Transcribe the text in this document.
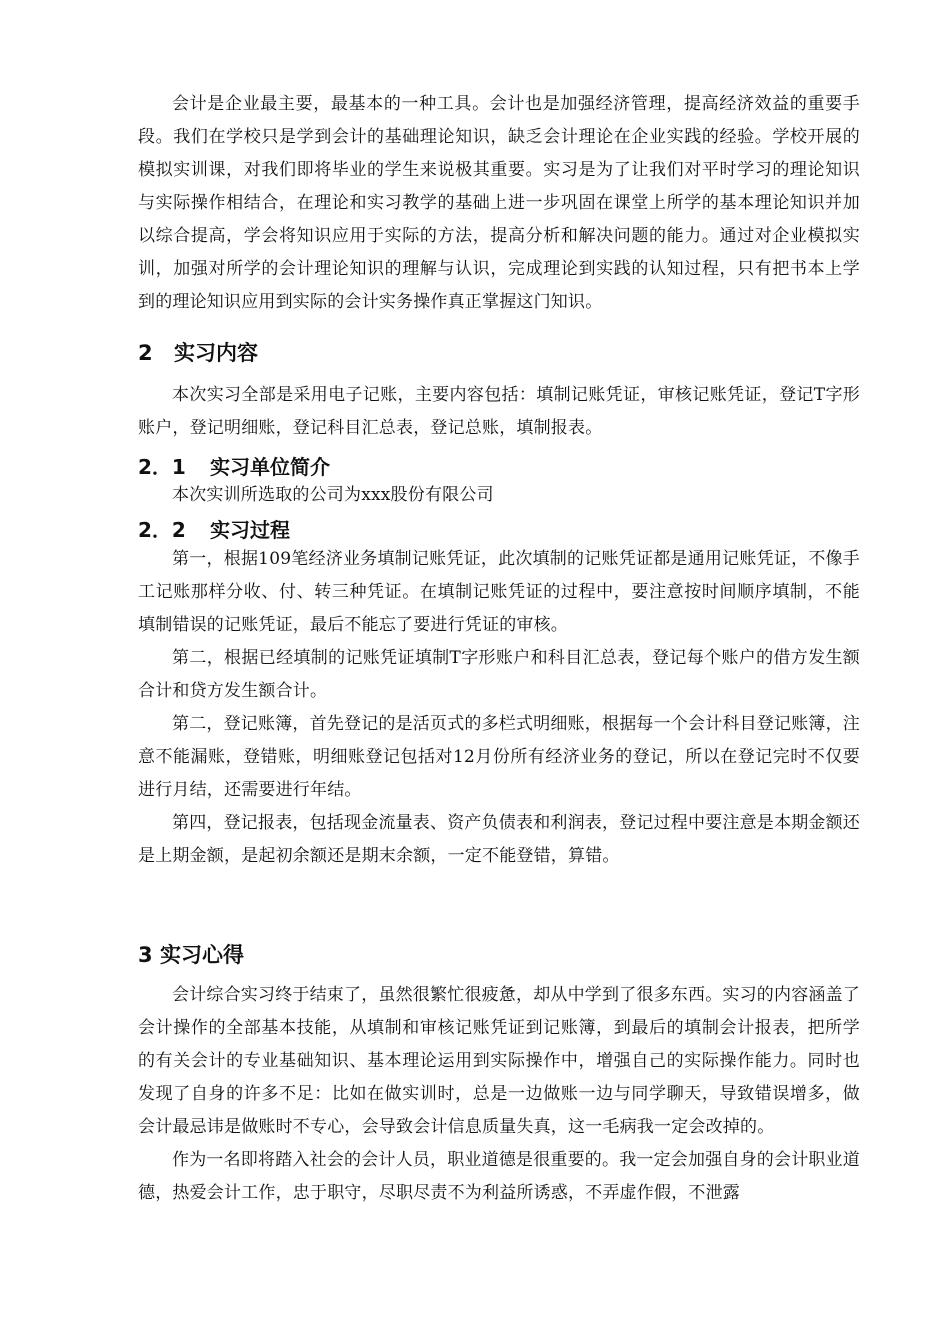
会计是企业最主要，最基本的一种工具。会计也是加强经济管理，提高经济效益的重要手段。我们在学校只是学到会计的基础理论知识，缺乏会计理论在企业实践的经验。学校开展的模拟实训课，对我们即将毕业的学生来说极其重要。实习是为了让我们对平时学习的理论知识与实际操作相结合，在理论和实习教学的基础上进一步巩固在课堂上所学的基本理论知识并加以综合提高，学会将知识应用于实际的方法，提高分析和解决问题的能力。通过对企业模拟实训，加强对所学的会计理论知识的理解与认识，完成理论到实践的认知过程，只有把书本上学到的理论知识应用到实际的会计实务操作真正掌握这门知识。

2 实习内容

本次实习全部是采用电子记账，主要内容包括：填制记账凭证，审核记账凭证，登记T字形账户，登记明细账，登记科目汇总表，登记总账，填制报表。

2．1 实习单位简介

本次实训所选取的公司为xxx股份有限公司

2．2 实习过程

第一，根据109笔经济业务填制记账凭证，此次填制的记账凭证都是通用记账凭证，不像手工记账那样分收、付、转三种凭证。在填制记账凭证的过程中，要注意按时间顺序填制，不能填制错误的记账凭证，最后不能忘了要进行凭证的审核。

第二，根据已经填制的记账凭证填制T字形账户和科目汇总表，登记每个账户的借方发生额合计和贷方发生额合计。

第二，登记账簿，首先登记的是活页式的多栏式明细账，根据每一个会计科目登记账簿，注意不能漏账，登错账，明细账登记包括对12月份所有经济业务的登记，所以在登记完时不仅要进行月结，还需要进行年结。

第四，登记报表，包括现金流量表、资产负债表和利润表，登记过程中要注意是本期金额还是上期金额，是起初余额还是期末余额，一定不能登错，算错。

3 实习心得

会计综合实习终于结束了，虽然很繁忙很疲惫，却从中学到了很多东西。实习的内容涵盖了会计操作的全部基本技能，从填制和审核记账凭证到记账簿，到最后的填制会计报表，把所学的有关会计的专业基础知识、基本理论运用到实际操作中，增强自己的实际操作能力。同时也发现了自身的许多不足：比如在做实训时，总是一边做账一边与同学聊天，导致错误增多，做会计最忌讳是做账时不专心，会导致会计信息质量失真，这一毛病我一定会改掉的。

作为一名即将踏入社会的会计人员，职业道德是很重要的。我一定会加强自身的会计职业道德，热爱会计工作，忠于职守，尽职尽责不为利益所诱惑，不弄虚作假，不泄露
